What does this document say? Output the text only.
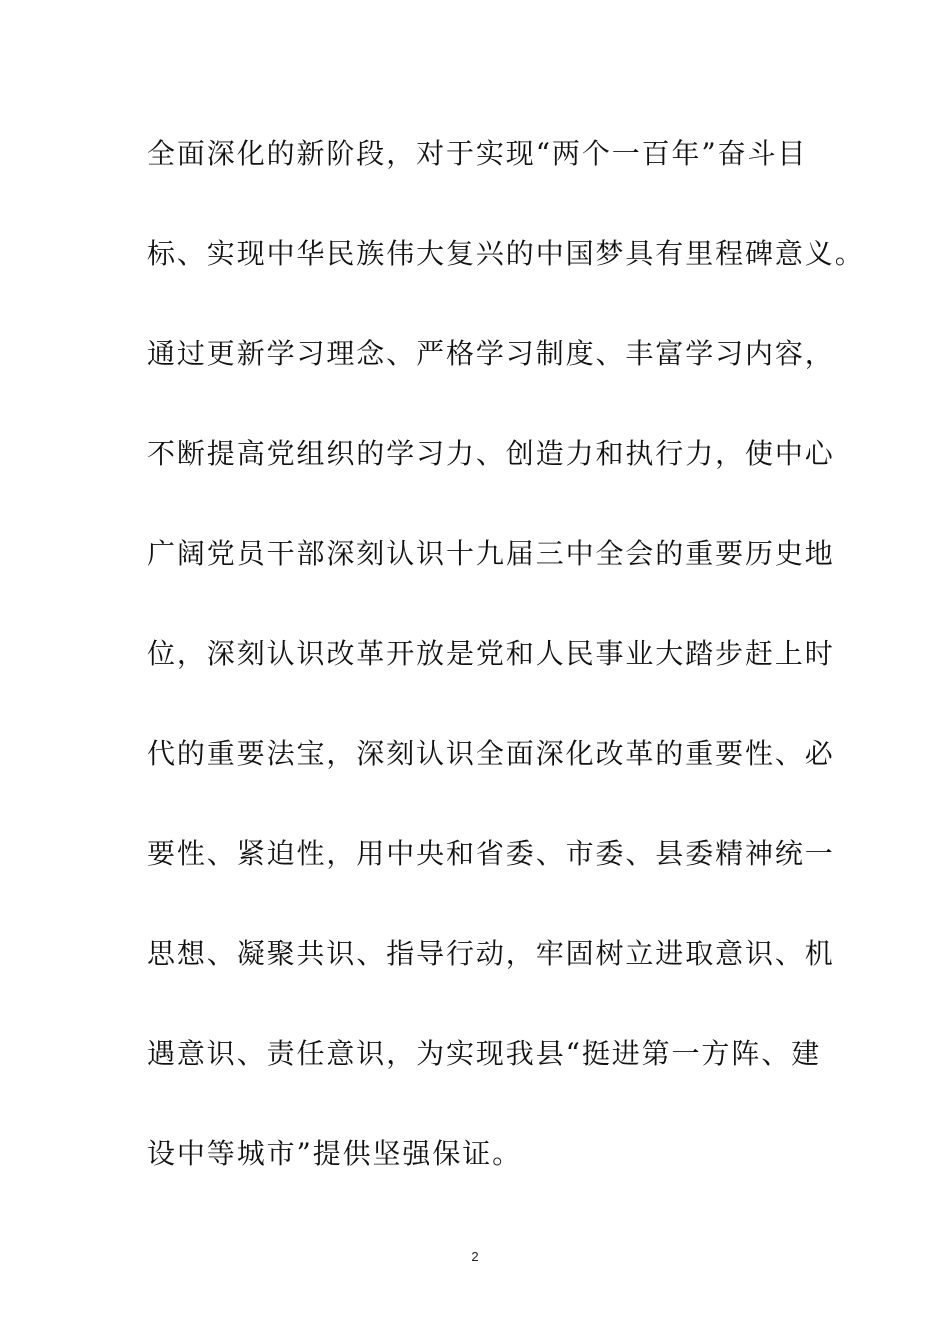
全面深化的新阶段，对于实现“两个一百年”奋斗目
标、实现中华民族伟大复兴的中国梦具有里程碑意义。
通过更新学习理念、严格学习制度、丰富学习内容，
不断提高党组织的学习力、创造力和执行力，使中心
广阔党员干部深刻认识十九届三中全会的重要历史地
位，深刻认识改革开放是党和人民事业大踏步赶上时
代的重要法宝，深刻认识全面深化改革的重要性、必
要性、紧迫性，用中央和省委、市委、县委精神统一
思想、凝聚共识、指导行动，牢固树立进取意识、机
遇意识、责任意识，为实现我县“挺进第一方阵、建
设中等城市”提供坚强保证。
2
